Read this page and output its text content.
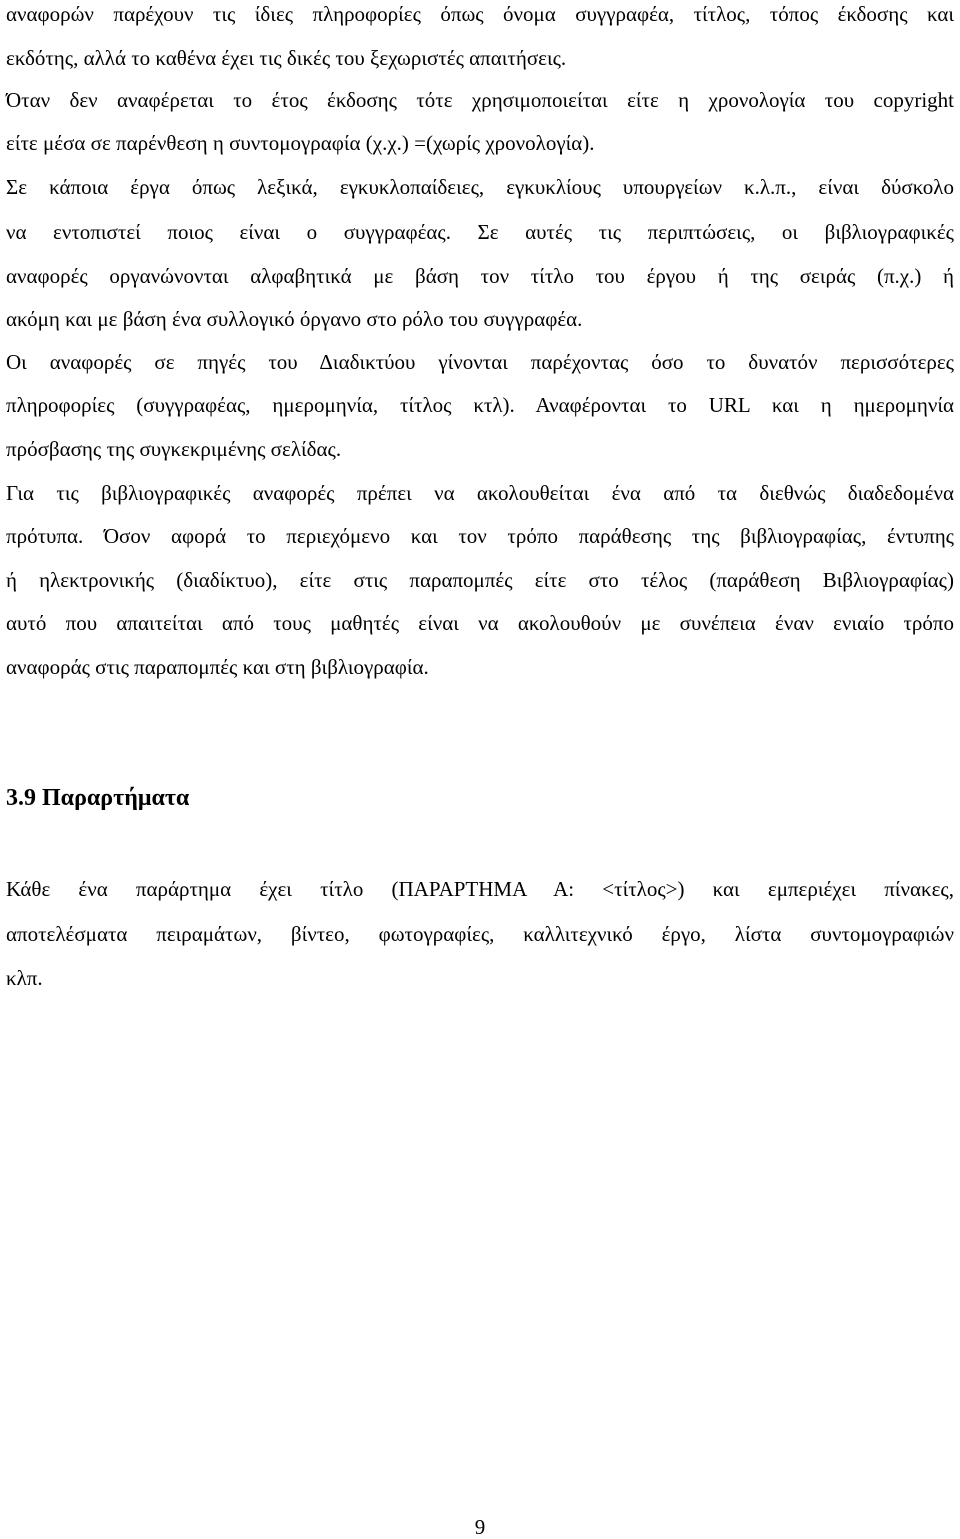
αναφορών παρέχουν τις ίδιες πληροφορίες όπως όνομα συγγραφέα, τίτλος, τόπος έκδοσης και
εκδότης, αλλά το καθένα έχει τις δικές του ξεχωριστές απαιτήσεις.
Όταν δεν αναφέρεται το έτος έκδοσης τότε χρησιμοποιείται είτε η χρονολογία του copyright
είτε μέσα σε παρένθεση η συντομογραφία (χ.χ.) =(χωρίς χρονολογία).
Σε κάποια έργα όπως λεξικά, εγκυκλοπαίδειες, εγκυκλίους υπουργείων κ.λ.π., είναι δύσκολο
να εντοπιστεί ποιος είναι ο συγγραφέας. Σε αυτές τις περιπτώσεις, οι βιβλιογραφικές
αναφορές οργανώνονται αλφαβητικά με βάση τον τίτλο του έργου ή της σειράς (π.χ.) ή
ακόμη και με βάση ένα συλλογικό όργανο στο ρόλο του συγγραφέα.
Οι αναφορές σε πηγές του Διαδικτύου γίνονται παρέχοντας όσο το δυνατόν περισσότερες
πληροφορίες (συγγραφέας, ημερομηνία, τίτλος κτλ). Αναφέρονται το URL και η ημερομηνία
πρόσβασης της συγκεκριμένης σελίδας.
Για τις βιβλιογραφικές αναφορές πρέπει να ακολουθείται ένα από τα διεθνώς διαδεδομένα
πρότυπα. Όσον αφορά το περιεχόμενο και τον τρόπο παράθεσης της βιβλιογραφίας, έντυπης
ή ηλεκτρονικής (διαδίκτυο), είτε στις παραπομπές είτε στο τέλος (παράθεση Βιβλιογραφίας)
αυτό που απαιτείται από τους μαθητές είναι να ακολουθούν με συνέπεια έναν ενιαίο τρόπο
αναφοράς στις παραπομπές και στη βιβλιογραφία.
3.9 Παραρτήματα
Κάθε ένα παράρτημα έχει τίτλο (ΠΑΡΑΡΤΗΜΑ Α: <τίτλος>) και εμπεριέχει πίνακες,
αποτελέσματα πειραμάτων, βίντεο, φωτογραφίες, καλλιτεχνικό έργο, λίστα συντομογραφιών
κλπ.
9
